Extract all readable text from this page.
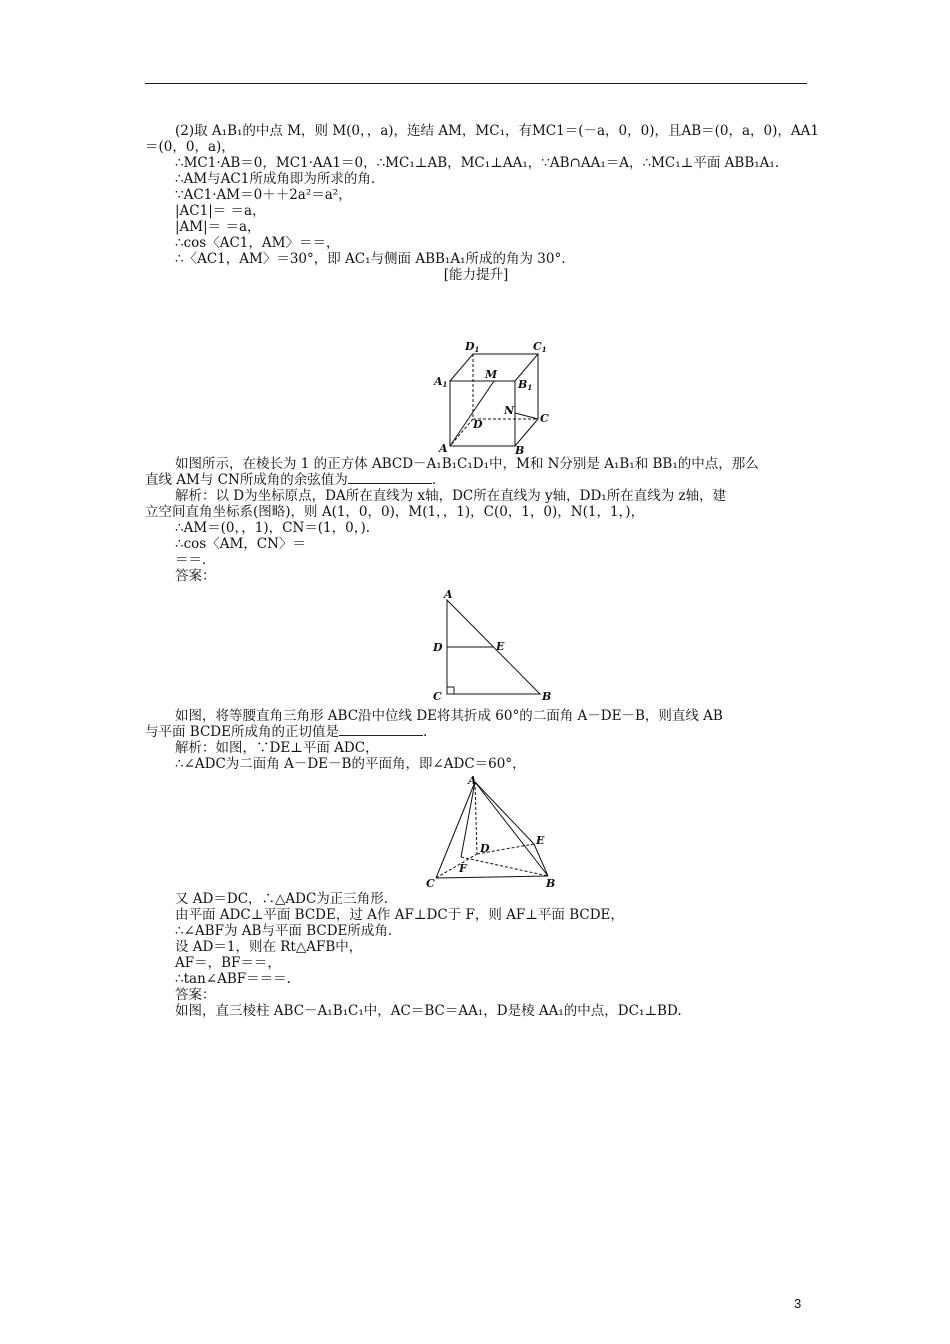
(2)取 A₁B₁的中点 M，则 M(0，，a)，连结 AM，MC₁，有MC1＝(－a，0，0)，且AB＝(0，a，0)，AA1
＝(0，0，a)，
∴MC1·AB＝0，MC1·AA1＝0，∴MC₁⊥AB，MC₁⊥AA₁，∵AB∩AA₁＝A，∴MC₁⊥平面 ABB₁A₁.
∴AM与AC1所成角即为所求的角.
∵AC1·AM＝0＋＋2a²＝a²，
|AC1|＝ ＝a，
|AM|＝ ＝a，
∴cos〈AC1，AM〉＝＝，
∴〈AC1，AM〉＝30°，即 AC₁与侧面 ABB₁A₁所成的角为 30°.
[能力提升]
D1	C1
A1	B1
M
N
D	C
A	B
如图所示，在棱长为 1 的正方体 ABCD－A₁B₁C₁D₁中，M和 N分别是 A₁B₁和 BB₁的中点，那么
直线 AM与 CN所成角的余弦值为	.
解析：以 D为坐标原点，DA所在直线为 x轴，DC所在直线为 y轴，DD₁所在直线为 z轴，建
立空间直角坐标系(图略)，则 A(1，0，0)，M(1，，1)，C(0，1，0)，N(1，1，)，
∴AM＝(0，，1)，CN＝(1，0，).
∴cos〈AM，CN〉＝
＝＝.
答案：
A
D	E
C	B
如图，将等腰直角三角形 ABC沿中位线 DE将其折成 60°的二面角 A－DE－B，则直线 AB
与平面 BCDE所成角的正切值是	.
解析：如图，∵DE⊥平面 ADC，
∴∠ADC为二面角 A－DE－B的平面角，即∠ADC＝60°，
A
E
D
F
C	B
又 AD＝DC，∴△ADC为正三角形.
由平面 ADC⊥平面 BCDE，过 A作 AF⊥DC于 F，则 AF⊥平面 BCDE，
∴∠ABF为 AB与平面 BCDE所成角.
设 AD＝1，则在 Rt△AFB中，
AF＝，BF＝＝，
∴tan∠ABF＝＝＝.
答案：
如图，直三棱柱 ABC－A₁B₁C₁中，AC＝BC＝AA₁，D是棱 AA₁的中点，DC₁⊥BD.
3
